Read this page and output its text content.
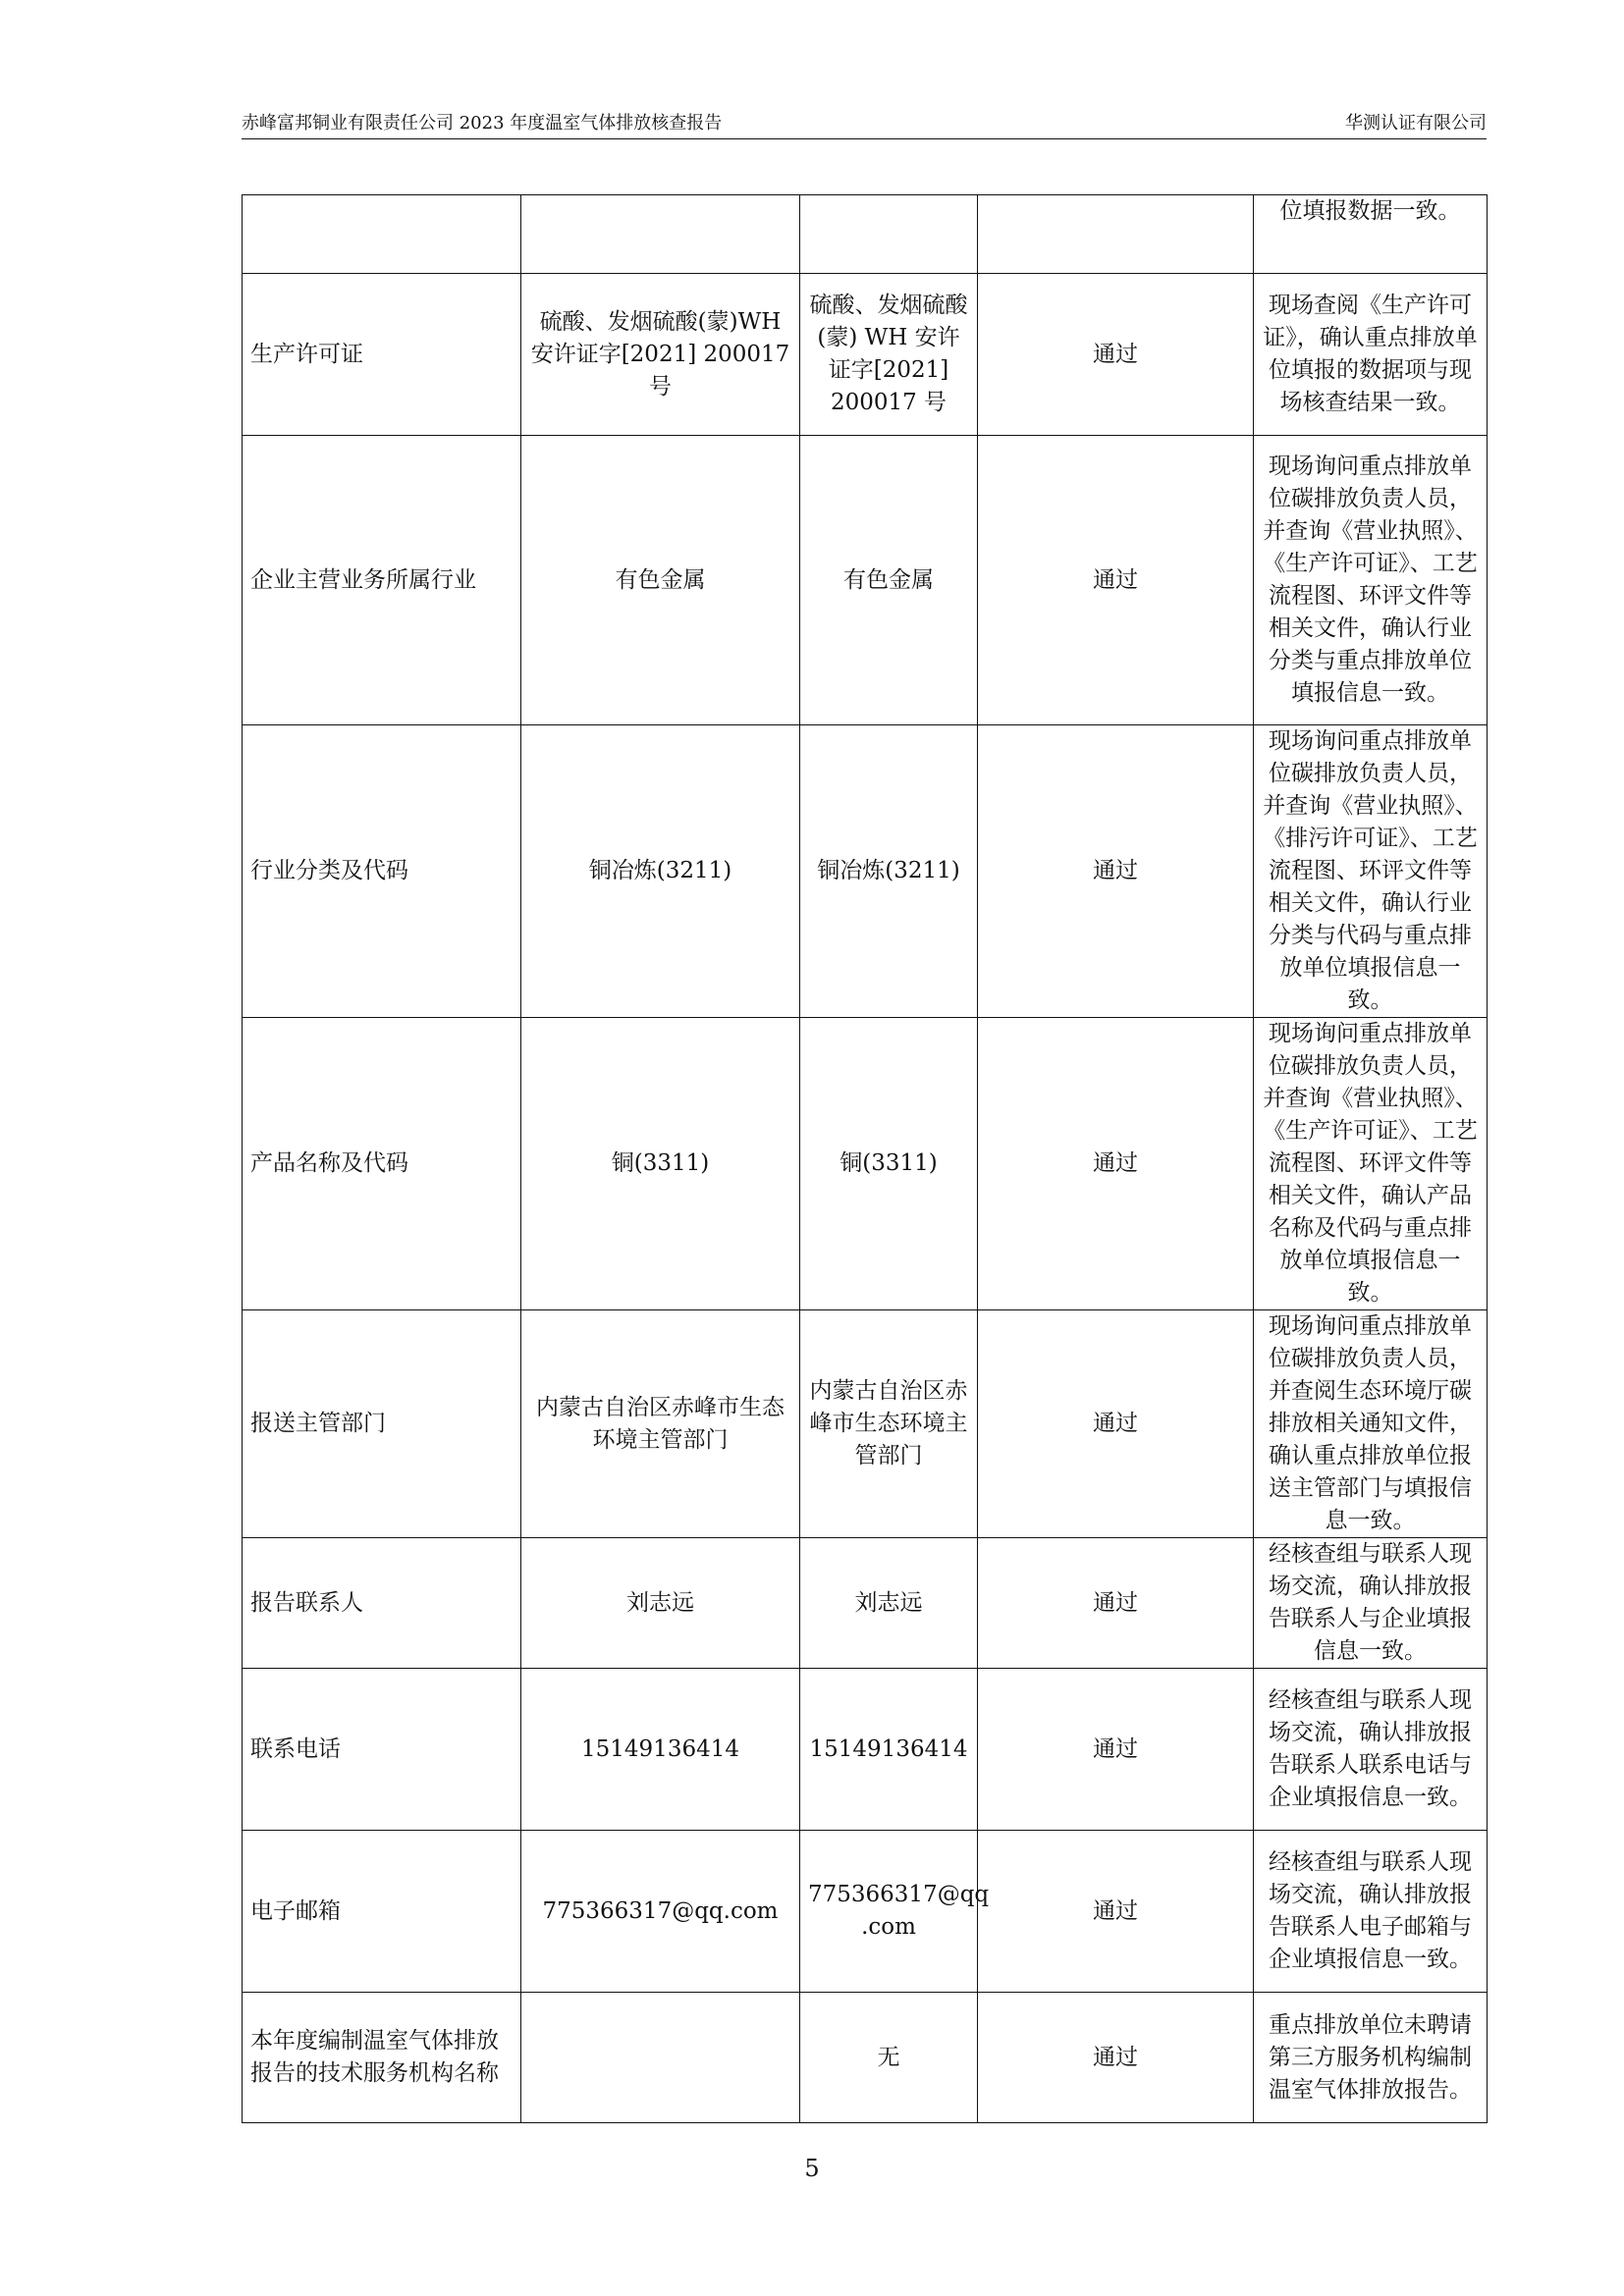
赤峰富邦铜业有限责任公司 2023 年度温室气体排放核查报告	华测认证有限公司
				位填报数据一致。
生产许可证	硫酸、发烟硫酸(蒙)WH 安许证字[2021] 200017 号	硫酸、发烟硫酸(蒙) WH 安许证字[2021] 200017 号	通过	现场查阅《生产许可证》，确认重点排放单位填报的数据项与现场核查结果一致。
企业主营业务所属行业	有色金属	有色金属	通过	现场询问重点排放单位碳排放负责人员，并查询《营业执照》、《生产许可证》、工艺流程图、环评文件等相关文件，确认行业分类与重点排放单位填报信息一致。
行业分类及代码	铜冶炼(3211)	铜冶炼(3211)	通过	现场询问重点排放单位碳排放负责人员，并查询《营业执照》、《排污许可证》、工艺流程图、环评文件等相关文件，确认行业分类与代码与重点排放单位填报信息一致。
产品名称及代码	铜(3311)	铜(3311)	通过	现场询问重点排放单位碳排放负责人员，并查询《营业执照》、《生产许可证》、工艺流程图、环评文件等相关文件，确认产品名称及代码与重点排放单位填报信息一致。
报送主管部门	内蒙古自治区赤峰市生态环境主管部门	内蒙古自治区赤峰市生态环境主管部门	通过	现场询问重点排放单位碳排放负责人员，并查阅生态环境厅碳排放相关通知文件，确认重点排放单位报送主管部门与填报信息一致。
报告联系人	刘志远	刘志远	通过	经核查组与联系人现场交流，确认排放报告联系人与企业填报信息一致。
联系电话	15149136414	15149136414	通过	经核查组与联系人现场交流，确认排放报告联系人联系电话与企业填报信息一致。
电子邮箱	775366317@qq.com	775366317@qq .com	通过	经核查组与联系人现场交流，确认排放报告联系人电子邮箱与企业填报信息一致。
本年度编制温室气体排放报告的技术服务机构名称		无	通过	重点排放单位未聘请第三方服务机构编制温室气体排放报告。
5
